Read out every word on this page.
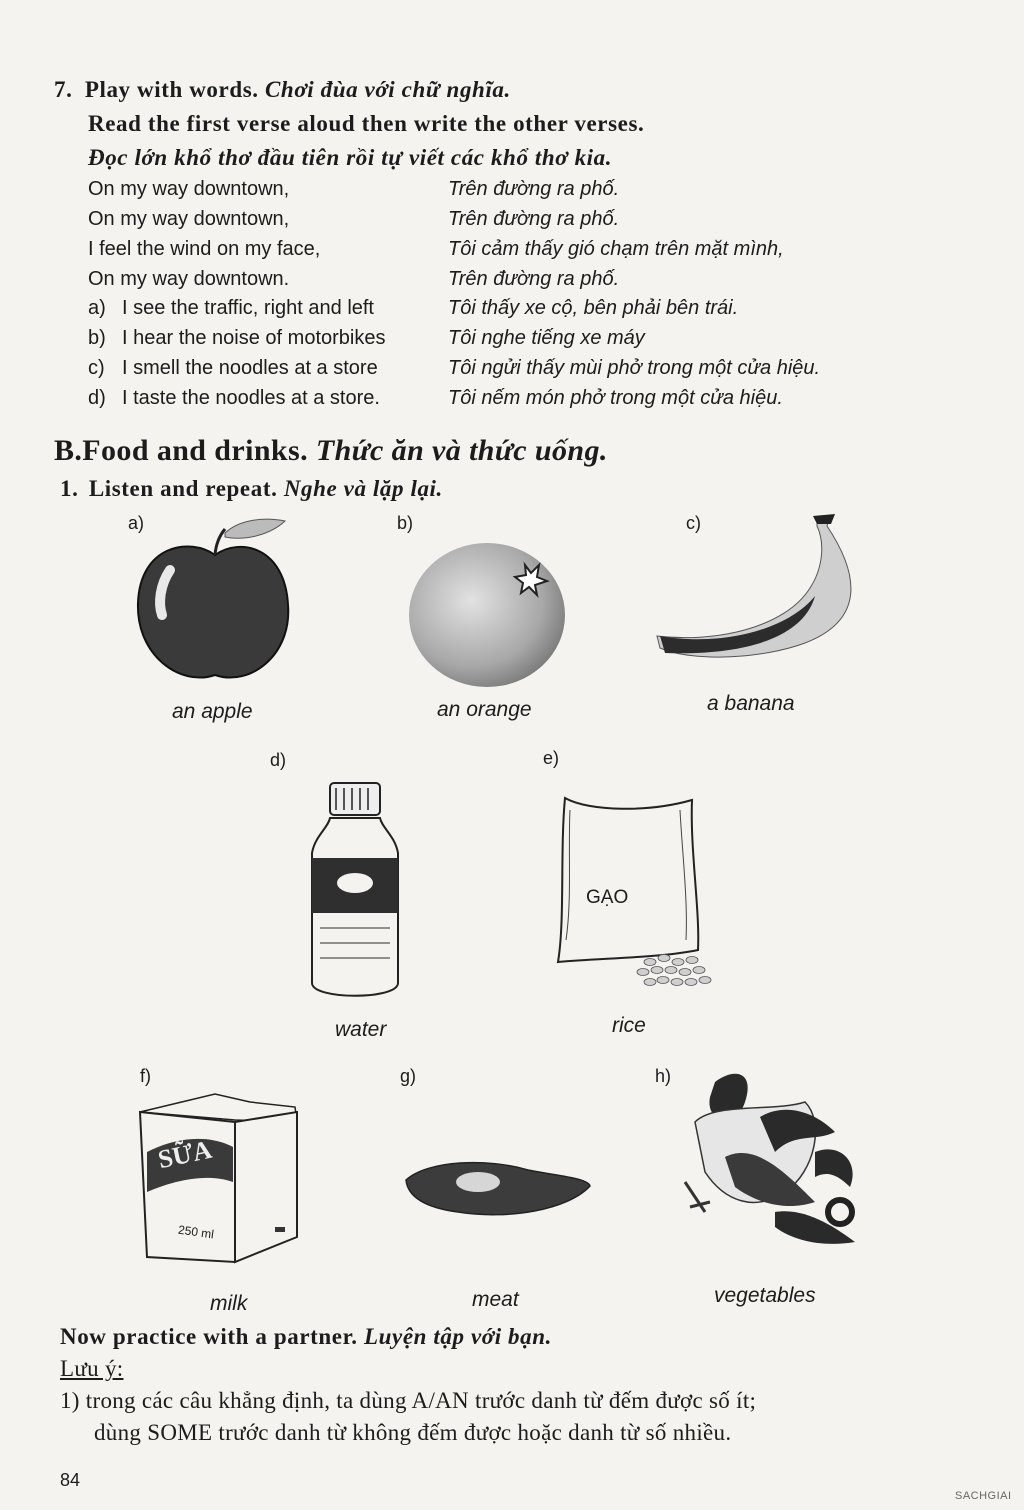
7. Play with words. Chơi đùa với chữ nghĩa.
Read the first verse aloud then write the other verses.
Đọc lớn khổ thơ đầu tiên rồi tự viết các khổ thơ kia.
On my way downtown,	Trên đường ra phố.
On my way downtown,	Trên đường ra phố.
I feel the wind on my face,	Tôi cảm thấy gió chạm trên mặt mình,
On my way downtown.	Trên đường ra phố.
a) I see the traffic, right and left	Tôi thấy xe cộ, bên phải bên trái.
b) I hear the noise of motorbikes	Tôi nghe tiếng xe máy
c) I smell the noodles at a store	Tôi ngửi thấy mùi phở trong một cửa hiệu.
d) I taste the noodles at a store.	Tôi nếm món phở trong một cửa hiệu.
B.Food and drinks. Thức ăn và thức uống.
1. Listen and repeat. Nghe và lặp lại.
a)
an apple
b)
an orange
c)
a banana
d)
water
e)
GẠO
rice
f)
SỮA
250 ml
milk
g)
meat
h)
vegetables
Now practice with a partner. Luyện tập với bạn.
Lưu ý:
1) trong các câu khẳng định, ta dùng A/AN trước danh từ đếm được số ít;
dùng SOME trước danh từ không đếm được hoặc danh từ số nhiều.
84
SACHGIAI
